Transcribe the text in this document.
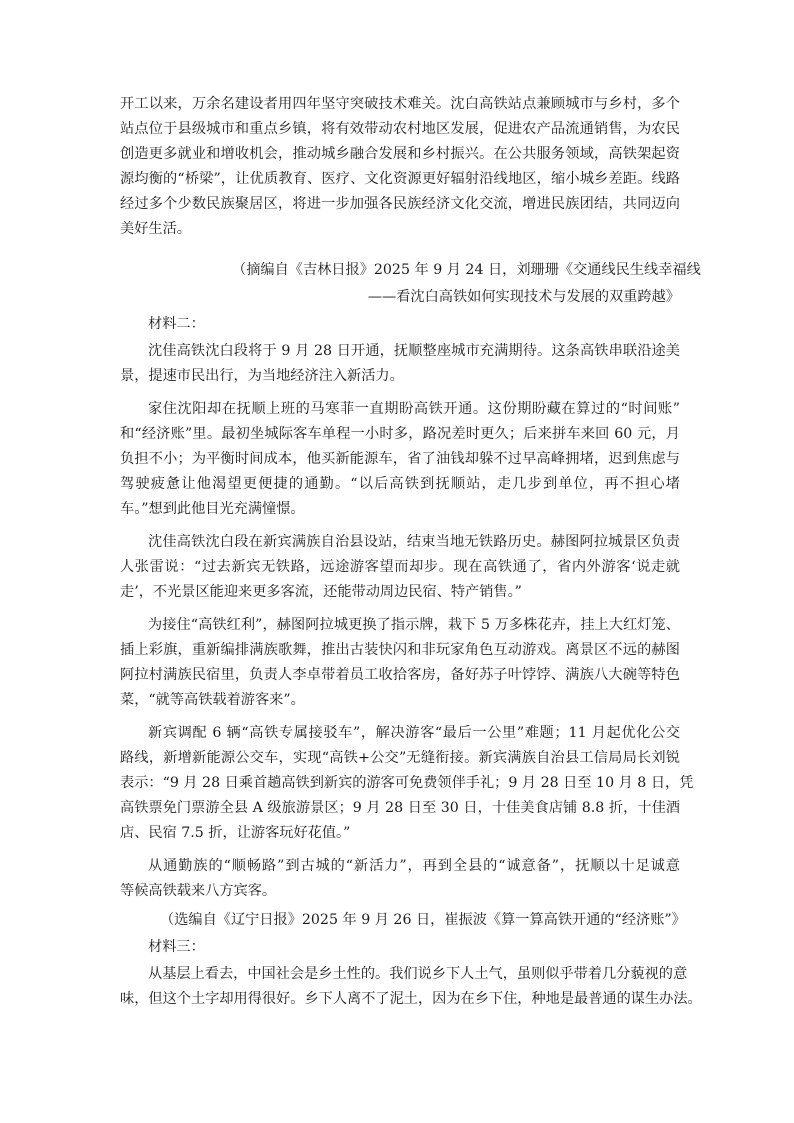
开工以来，万余名建设者用四年坚守突破技术难关。沈白高铁站点兼顾城市与乡村，多个
站点位于县级城市和重点乡镇，将有效带动农村地区发展，促进农产品流通销售，为农民
创造更多就业和增收机会，推动城乡融合发展和乡村振兴。在公共服务领域，高铁架起资
源均衡的“桥梁”，让优质教育、医疗、文化资源更好辐射沿线地区，缩小城乡差距。线路
经过多个少数民族聚居区，将进一步加强各民族经济文化交流，增进民族团结，共同迈向
美好生活。
（摘编自《吉林日报》2025 年 9 月 24 日，刘珊珊《交通线民生线幸福线
——看沈白高铁如何实现技术与发展的双重跨越》
材料二：
沈佳高铁沈白段将于 9 月 28 日开通，抚顺整座城市充满期待。这条高铁串联沿途美
景，提速市民出行，为当地经济注入新活力。
家住沈阳却在抚顺上班的马寒菲一直期盼高铁开通。这份期盼藏在算过的“时间账”
和“经济账”里。最初坐城际客车单程一小时多，路况差时更久；后来拼车来回 60 元，月
负担不小；为平衡时间成本，他买新能源车，省了油钱却躲不过早高峰拥堵，迟到焦虑与
驾驶疲惫让他渴望更便捷的通勤。“以后高铁到抚顺站，走几步到单位，再不担心堵
车。”想到此他目光充满憧憬。
沈佳高铁沈白段在新宾满族自治县设站，结束当地无铁路历史。赫图阿拉城景区负责
人张雷说：“过去新宾无铁路，远途游客望而却步。现在高铁通了，省内外游客‘说走就
走’，不光景区能迎来更多客流，还能带动周边民宿、特产销售。”
为接住“高铁红利”，赫图阿拉城更换了指示牌，栽下 5 万多株花卉，挂上大红灯笼、
插上彩旗，重新编排满族歌舞，推出古装快闪和非玩家角色互动游戏。离景区不远的赫图
阿拉村满族民宿里，负责人李卓带着员工收拾客房，备好苏子叶饽饽、满族八大碗等特色
菜，“就等高铁载着游客来”。
新宾调配 6 辆“高铁专属接驳车”，解决游客“最后一公里”难题；11 月起优化公交
路线，新增新能源公交车，实现“高铁+公交”无缝衔接。新宾满族自治县工信局局长刘锐
表示：“9 月 28 日乘首趟高铁到新宾的游客可免费领伴手礼；9 月 28 日至 10 月 8 日，凭
高铁票免门票游全县 A 级旅游景区；9 月 28 日至 30 日，十佳美食店铺 8.8 折，十佳酒
店、民宿 7.5 折，让游客玩好花值。”
从通勤族的“顺畅路”到古城的“新活力”，再到全县的“诚意备”，抚顺以十足诚意
等候高铁载来八方宾客。
（选编自《辽宁日报》2025 年 9 月 26 日，崔振波《算一算高铁开通的“经济账”》
材料三：
从基层上看去，中国社会是乡土性的。我们说乡下人土气，虽则似乎带着几分藐视的意
味，但这个土字却用得很好。乡下人离不了泥土，因为在乡下住，种地是最普通的谋生办法。
